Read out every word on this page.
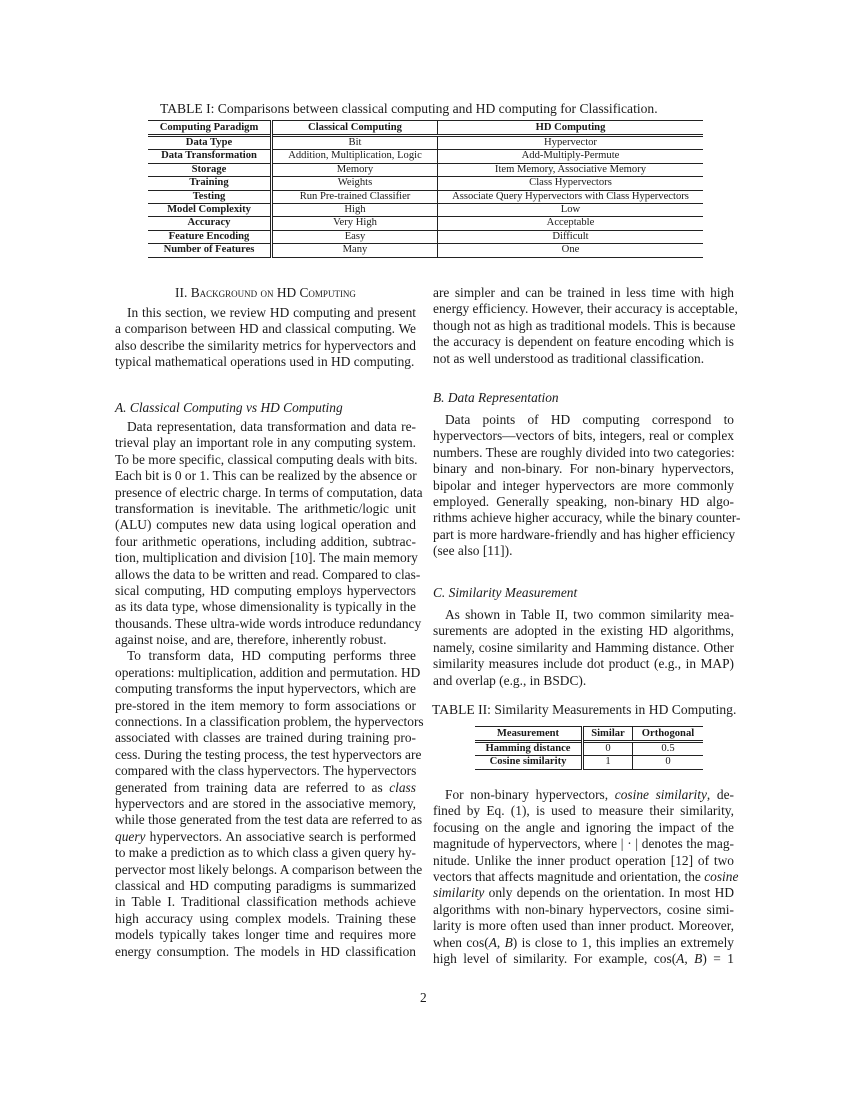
TABLE I: Comparisons between classical computing and HD computing for Classification.
Computing Paradigm	Classical Computing	HD Computing
Data Type	Bit	Hypervector
Data Transformation	Addition, Multiplication, Logic	Add-Multiply-Permute
Storage	Memory	Item Memory, Associative Memory
Training	Weights	Class Hypervectors
Testing	Run Pre-trained Classifier	Associate Query Hypervectors with Class Hypervectors
Model Complexity	High	Low
Accuracy	Very High	Acceptable
Feature Encoding	Easy	Difficult
Number of Features	Many	One
II. Background on HD Computing
In this section, we review HD computing and present
a comparison between HD and classical computing. We
also describe the similarity metrics for hypervectors and
typical mathematical operations used in HD computing.
A. Classical Computing vs HD Computing
Data representation, data transformation and data re-
trieval play an important role in any computing system.
To be more specific, classical computing deals with bits.
Each bit is 0 or 1. This can be realized by the absence or
presence of electric charge. In terms of computation, data
transformation is inevitable. The arithmetic/logic unit
(ALU) computes new data using logical operation and
four arithmetic operations, including addition, subtrac-
tion, multiplication and division [10]. The main memory
allows the data to be written and read. Compared to clas-
sical computing, HD computing employs hypervectors
as its data type, whose dimensionality is typically in the
thousands. These ultra-wide words introduce redundancy
against noise, and are, therefore, inherently robust.
To transform data, HD computing performs three
operations: multiplication, addition and permutation. HD
computing transforms the input hypervectors, which are
pre-stored in the item memory to form associations or
connections. In a classification problem, the hypervectors
associated with classes are trained during training pro-
cess. During the testing process, the test hypervectors are
compared with the class hypervectors. The hypervectors
generated from training data are referred to as class
hypervectors and are stored in the associative memory,
while those generated from the test data are referred to as
query hypervectors. An associative search is performed
to make a prediction as to which class a given query hy-
pervector most likely belongs. A comparison between the
classical and HD computing paradigms is summarized
in Table I. Traditional classification methods achieve
high accuracy using complex models. Training these
models typically takes longer time and requires more
energy consumption. The models in HD classification
2
are simpler and can be trained in less time with high
energy efficiency. However, their accuracy is acceptable,
though not as high as traditional models. This is because
the accuracy is dependent on feature encoding which is
not as well understood as traditional classification.
B. Data Representation
Data points of HD computing correspond to
hypervectors—vectors of bits, integers, real or complex
numbers. These are roughly divided into two categories:
binary and non-binary. For non-binary hypervectors,
bipolar and integer hypervectors are more commonly
employed. Generally speaking, non-binary HD algo-
rithms achieve higher accuracy, while the binary counter-
part is more hardware-friendly and has higher efficiency
(see also [11]).
C. Similarity Measurement
As shown in Table II, two common similarity mea-
surements are adopted in the existing HD algorithms,
namely, cosine similarity and Hamming distance. Other
similarity measures include dot product (e.g., in MAP)
and overlap (e.g., in BSDC).
TABLE II: Similarity Measurements in HD Computing.
Measurement	Similar	Orthogonal
Hamming distance	0	0.5
Cosine similarity	1	0
For non-binary hypervectors, cosine similarity, de-
fined by Eq. (1), is used to measure their similarity,
focusing on the angle and ignoring the impact of the
magnitude of hypervectors, where | · | denotes the mag-
nitude. Unlike the inner product operation [12] of two
vectors that affects magnitude and orientation, the cosine
similarity only depends on the orientation. In most HD
algorithms with non-binary hypervectors, cosine simi-
larity is more often used than inner product. Moreover,
when cos(A, B) is close to 1, this implies an extremely
high level of similarity. For example, cos(A, B) = 1
